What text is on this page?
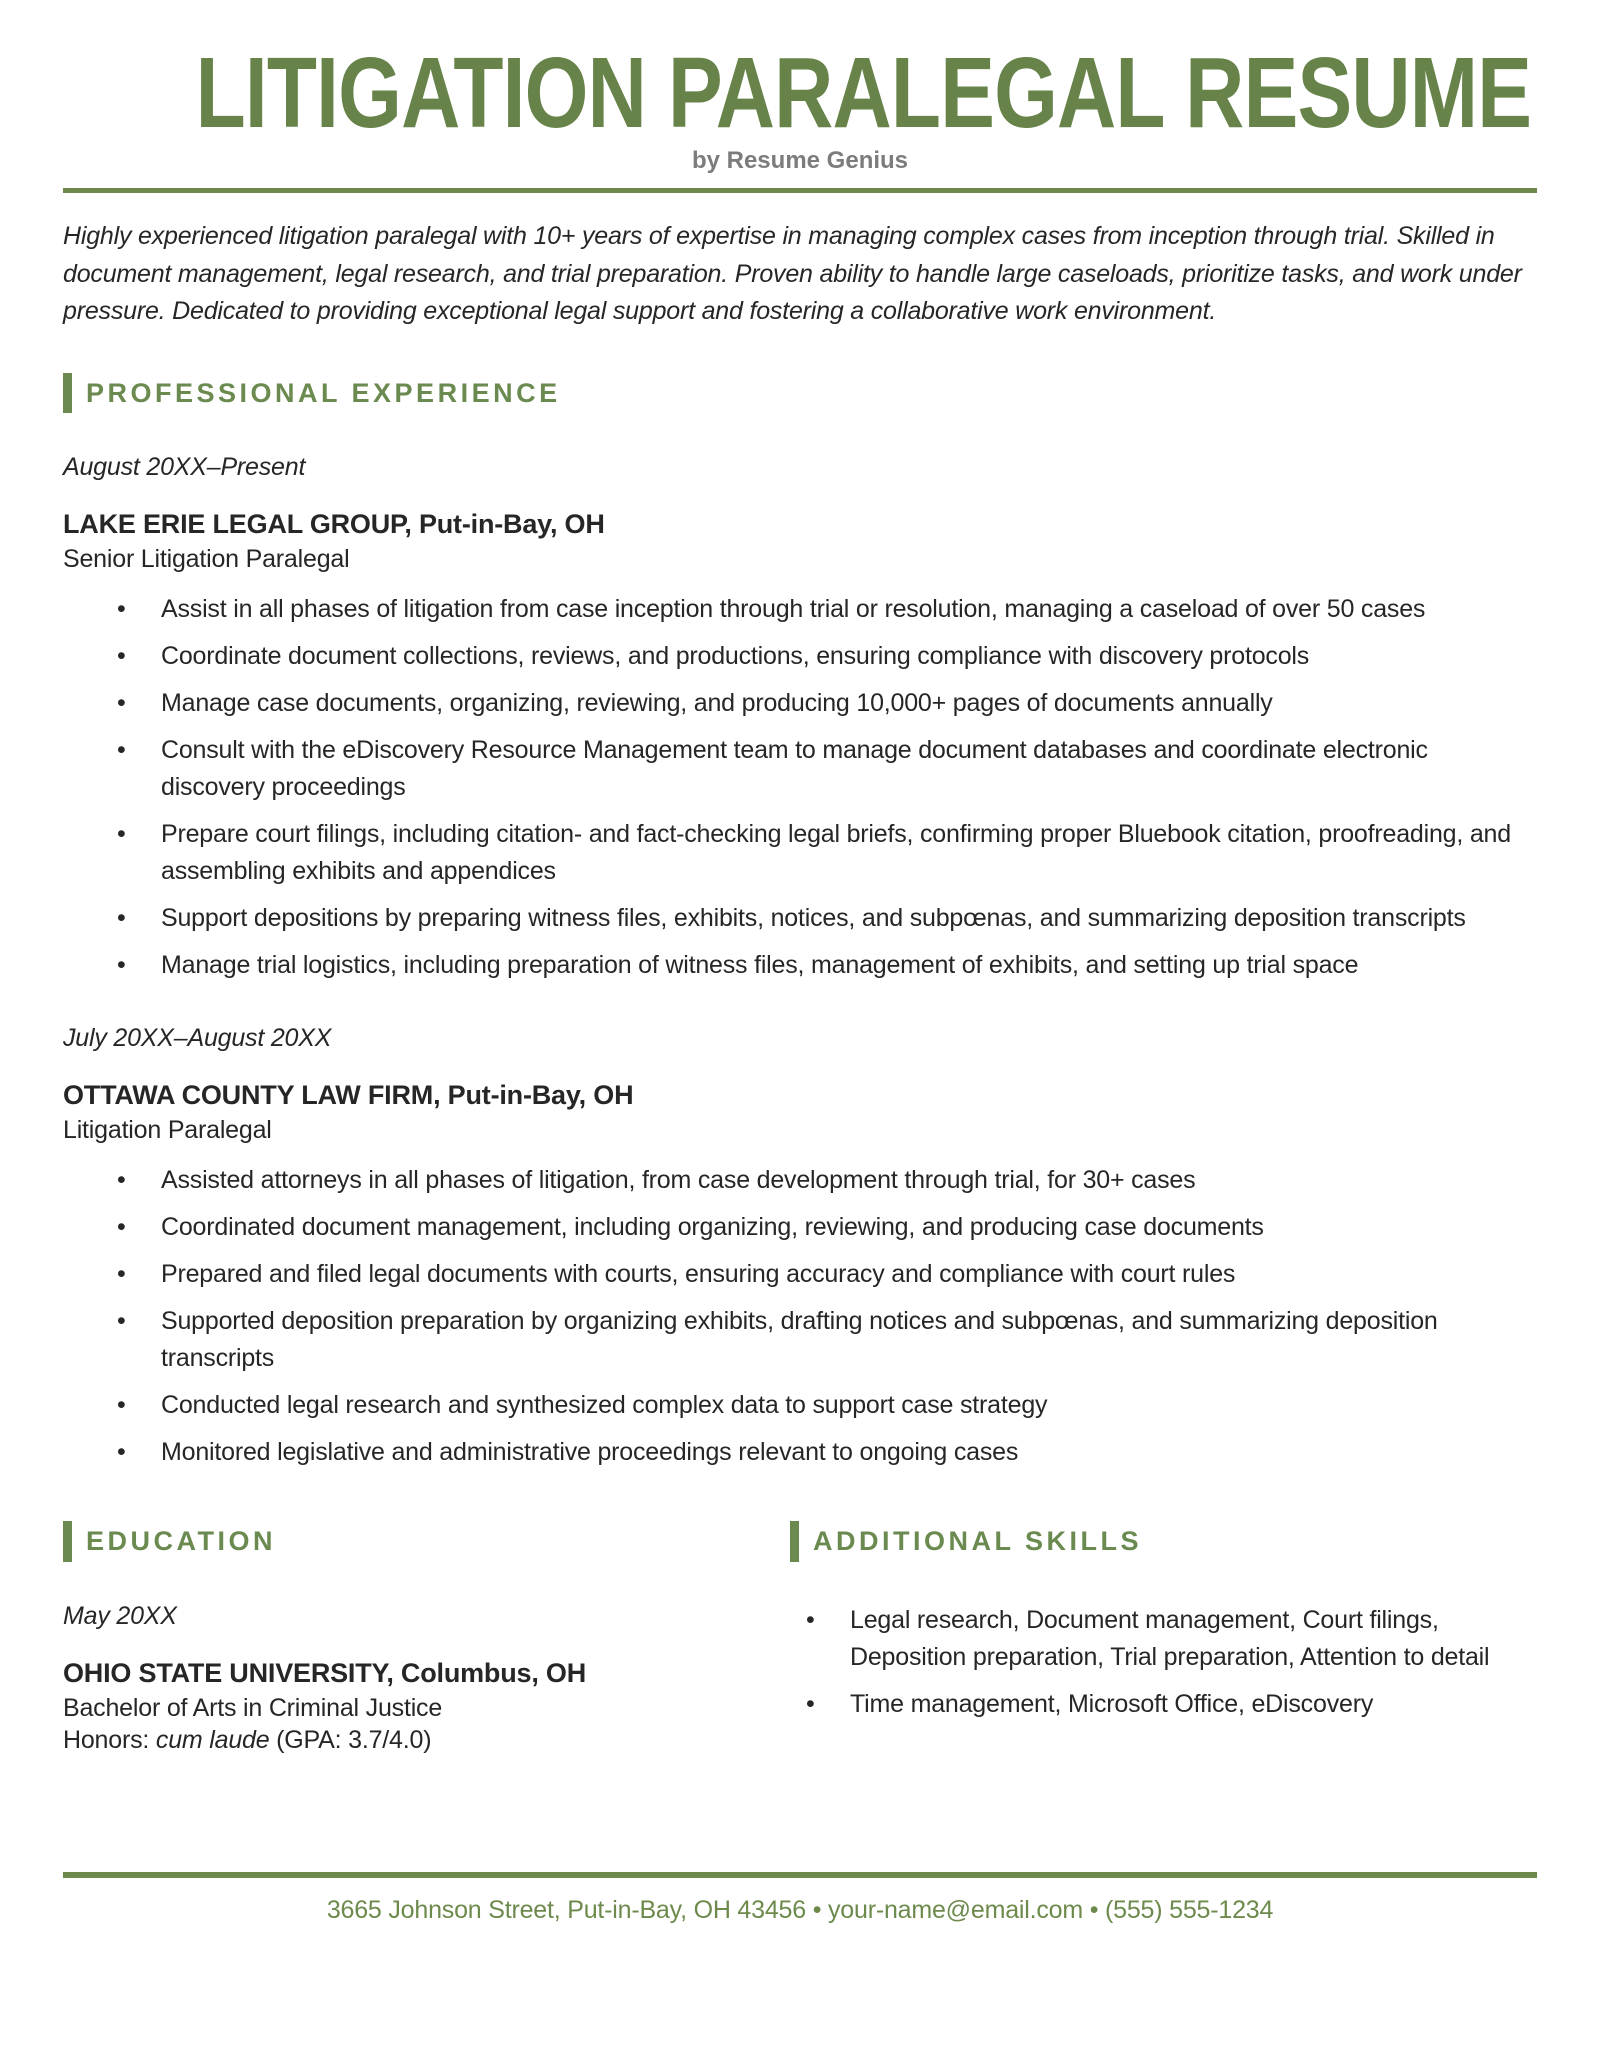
LITIGATION PARALEGAL RESUME
by Resume Genius

Highly experienced litigation paralegal with 10+ years of expertise in managing complex cases from inception through trial. Skilled in document management, legal research, and trial preparation. Proven ability to handle large caseloads, prioritize tasks, and work under pressure. Dedicated to providing exceptional legal support and fostering a collaborative work environment.

PROFESSIONAL EXPERIENCE
August 20XX–Present
LAKE ERIE LEGAL GROUP, Put-in-Bay, OH
Senior Litigation Paralegal
• Assist in all phases of litigation from case inception through trial or resolution, managing a caseload of over 50 cases
• Coordinate document collections, reviews, and productions, ensuring compliance with discovery protocols
• Manage case documents, organizing, reviewing, and producing 10,000+ pages of documents annually
• Consult with the eDiscovery Resource Management team to manage document databases and coordinate electronic discovery proceedings
• Prepare court filings, including citation- and fact-checking legal briefs, confirming proper Bluebook citation, proofreading, and assembling exhibits and appendices
• Support depositions by preparing witness files, exhibits, notices, and subpœnas, and summarizing deposition transcripts
• Manage trial logistics, including preparation of witness files, management of exhibits, and setting up trial space
July 20XX–August 20XX
OTTAWA COUNTY LAW FIRM, Put-in-Bay, OH
Litigation Paralegal
• Assisted attorneys in all phases of litigation, from case development through trial, for 30+ cases
• Coordinated document management, including organizing, reviewing, and producing case documents
• Prepared and filed legal documents with courts, ensuring accuracy and compliance with court rules
• Supported deposition preparation by organizing exhibits, drafting notices and subpœnas, and summarizing deposition transcripts
• Conducted legal research and synthesized complex data to support case strategy
• Monitored legislative and administrative proceedings relevant to ongoing cases
EDUCATION
May 20XX
OHIO STATE UNIVERSITY, Columbus, OH
Bachelor of Arts in Criminal Justice
Honors: cum laude (GPA: 3.7/4.0)
ADDITIONAL SKILLS
• Legal research, Document management, Court filings, Deposition preparation, Trial preparation, Attention to detail
• Time management, Microsoft Office, eDiscovery
3665 Johnson Street, Put-in-Bay, OH 43456 • your-name@email.com • (555) 555-1234
